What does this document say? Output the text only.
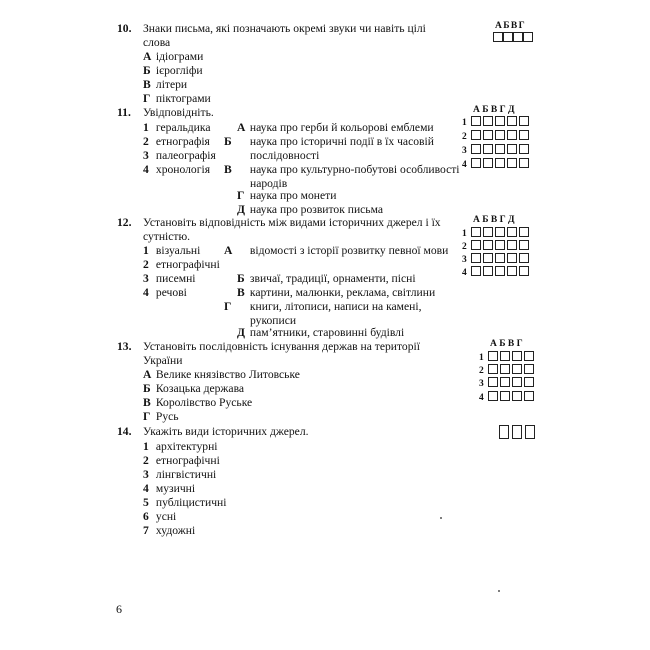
10. Знаки письма, які позначають окремі звуки чи навіть цілі слова
А ідіограми
Б ієрогліфи
В літери
Г піктограми
А Б В Г
11. Увідповідніть.
1 геральдика
2 етнографія
3 палеографія
4 хронологія
А наука про герби й кольорові емблеми
Б наука про історичні події в їх часовій послідовності
В наука про культурно-побутові особливості народів
Г наука про монети
Д наука про розвиток письма
А Б В Г Д
1
2
3
4
12. Установіть відповідність між видами історичних джерел і їх сутністю.
1 візуальні
2 етнографічні
3 писемні
4 речові
А відомості з історії розвитку певної мови
Б звичаї, традиції, орнаменти, пісні
В картини, малюнки, реклама, світлини
Г книги, літописи, написи на камені, рукописи
Д пам’ятники, старовинні будівлі
А Б В Г Д
1
2
3
4
13. Установіть послідовність існування держав на території України
А Велике князівство Литовське
Б Козацька держава
В Королівство Руське
Г Русь
А Б В Г
1
2
3
4
14. Укажіть види історичних джерел.
1 архітектурні
2 етнографічні
3 лінгвістичні
4 музичні
5 публіцистичні
6 усні
7 художні
6
